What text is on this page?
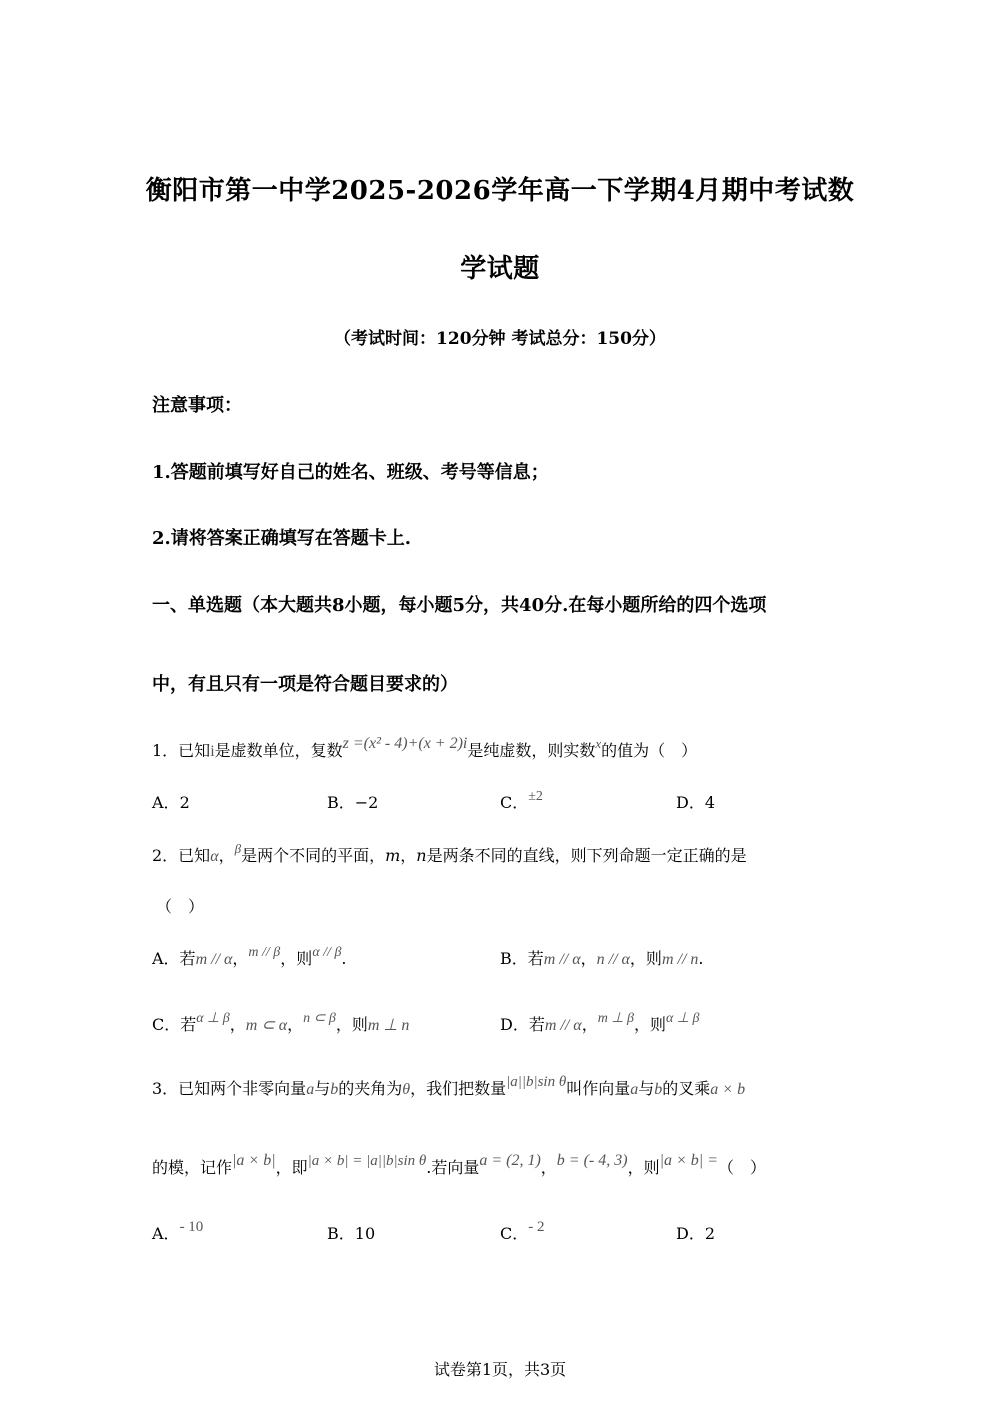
衡阳市第一中学2025-2026学年高一下学期4月期中考试数
学试题
（考试时间：120分钟 考试总分：150分）
注意事项：
1.答题前填写好自己的姓名、班级、考号等信息；
2.请将答案正确填写在答题卡上.
一、单选题（本大题共8小题，每小题5分，共40分.在每小题所给的四个选项
中，有且只有一项是符合题目要求的）
1．已知i是虚数单位，复数z =(x² - 4)+(x + 2)i是纯虚数，则实数$^x$的值为（　）
A．2	B．−2	C．±2	D．4
2．已知α，$^\beta$是两个不同的平面，m，n是两条不同的直线，则下列命题一定正确的是
（　）
A．若m // α，m // β，则α // β.	B．若m // α，n // α，则m // n.
C．若α ⊥ β，m ⊂ α，n ⊂ β，则m ⊥ n	D．若m // α，m ⊥ β，则α ⊥ β
3．已知两个非零向量a与b的夹角为θ，我们把数量|a||b|sin θ叫作向量a与b的叉乘a × b
的模，记作|a × b|，即|a × b| = |a||b|sin θ.若向量a = (2, 1)，b = (- 4, 3)，则|a × b| =（　）
A．- 10	B．10	C．- 2	D．2
试卷第1页，共3页
